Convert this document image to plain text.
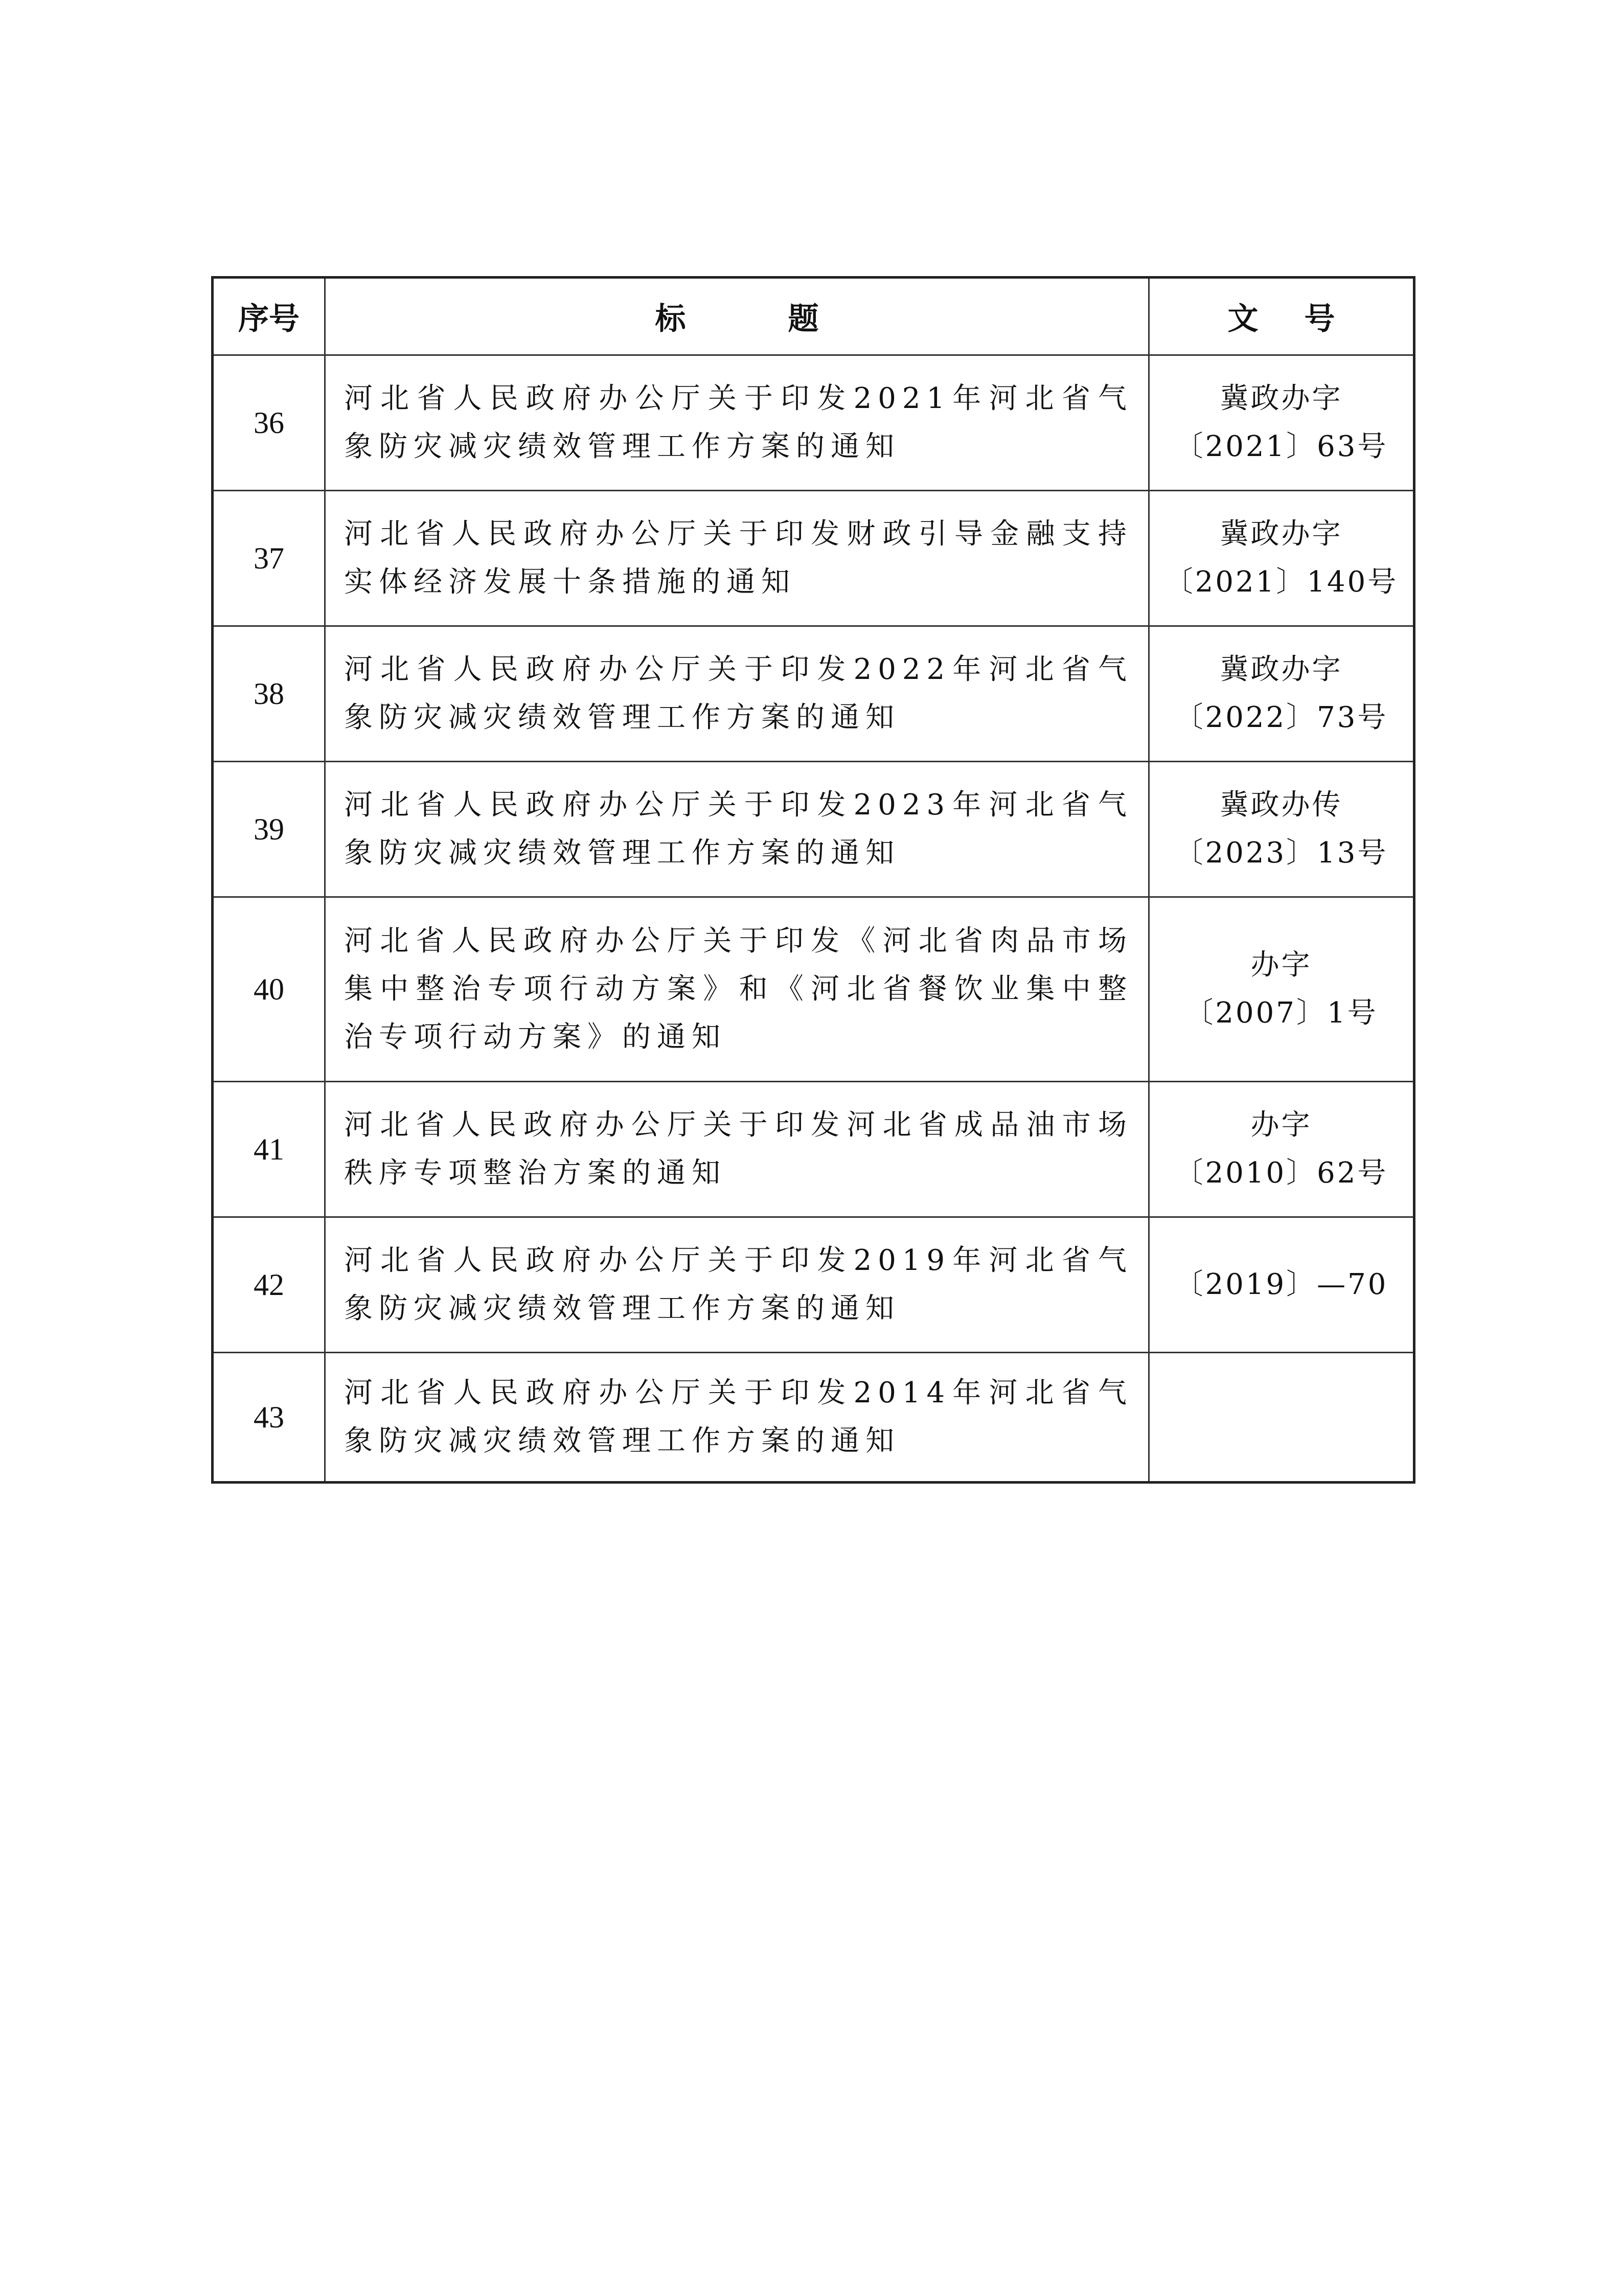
序号	标 题	文 号
36	河北省人民政府办公厅关于印发2021年河北省气象防灾减灾绩效管理工作方案的通知	冀政办字
〔2021〕63号

37	河北省人民政府办公厅关于印发财政引导金融支持实体经济发展十条措施的通知	冀政办字
〔2021〕140号

38	河北省人民政府办公厅关于印发2022年河北省气象防灾减灾绩效管理工作方案的通知	冀政办字
〔2022〕73号

39	河北省人民政府办公厅关于印发2023年河北省气象防灾减灾绩效管理工作方案的通知	冀政办传
〔2023〕13号

40	河北省人民政府办公厅关于印发《河北省肉品市场集中整治专项行动方案》和《河北省餐饮业集中整治专项行动方案》的通知	办字
〔2007〕1号

41	河北省人民政府办公厅关于印发河北省成品油市场秩序专项整治方案的通知	办字
〔2010〕62号

42	河北省人民政府办公厅关于印发2019年河北省气象防灾减灾绩效管理工作方案的通知	〔2019〕—70

43	河北省人民政府办公厅关于印发2014年河北省气象防灾减灾绩效管理工作方案的通知	
